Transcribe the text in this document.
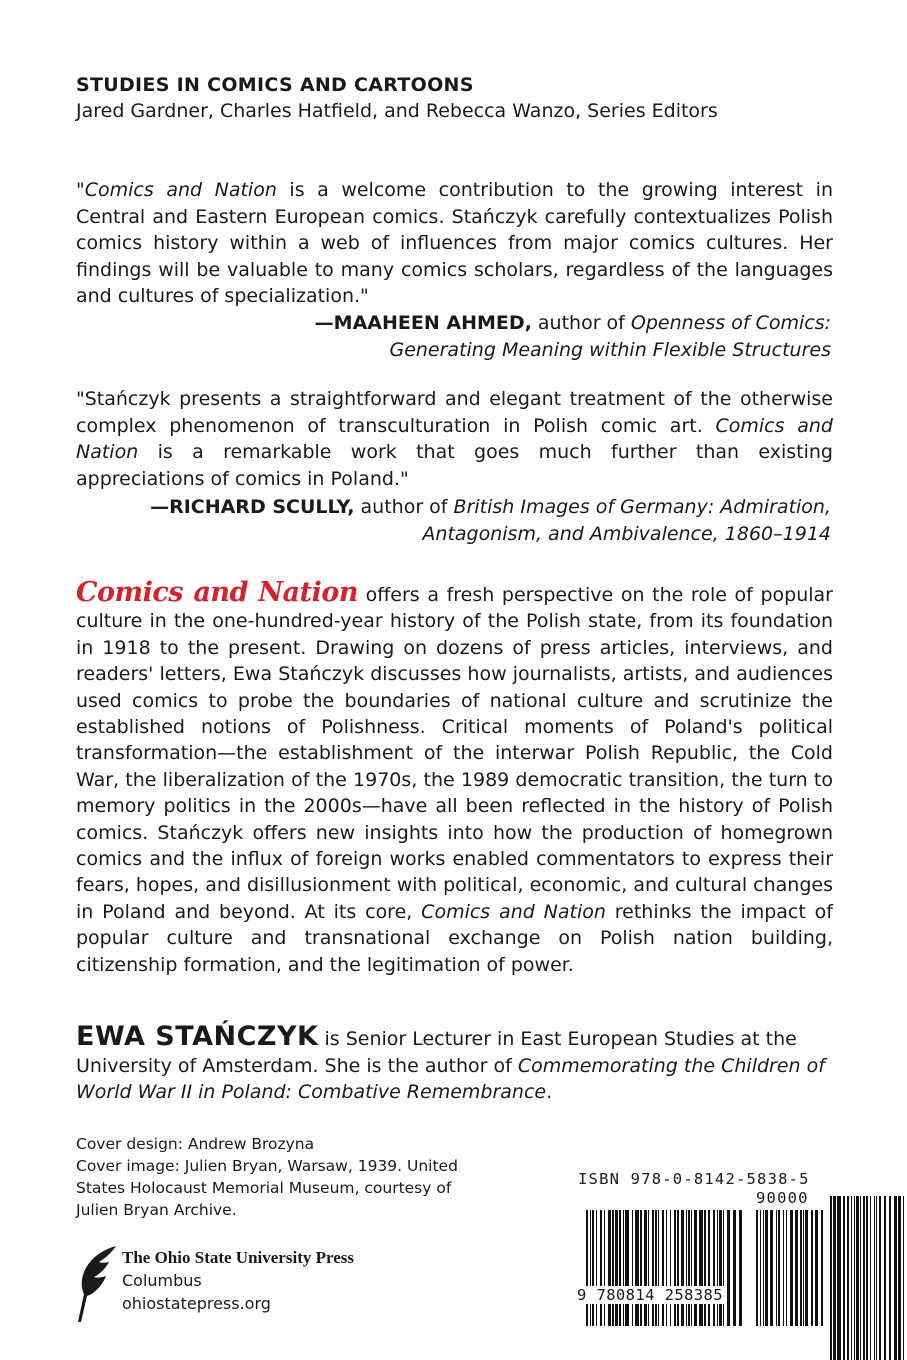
STUDIES IN COMICS AND CARTOONS
Jared Gardner, Charles Hatfield, and Rebecca Wanzo, Series Editors
"Comics and Nation is a welcome contribution to the growing interest in Central and Eastern European comics. Stańczyk carefully contextualizes Polish comics history within a web of influences from major comics cultures. Her findings will be valuable to many comics scholars, regardless of the languages and cultures of specialization."
—MAAHEEN AHMED, author of Openness of Comics:
Generating Meaning within Flexible Structures
"Stańczyk presents a straightforward and elegant treatment of the otherwise complex phenomenon of transculturation in Polish comic art. Comics and Nation is a remarkable work that goes much further than existing appreciations of comics in Poland."
—RICHARD SCULLY, author of British Images of Germany: Admiration,
Antagonism, and Ambivalence, 1860–1914
Comics and Nation offers a fresh perspective on the role of popular culture in the one-hundred-year history of the Polish state, from its foundation in 1918 to the present. Drawing on dozens of press articles, interviews, and readers' letters, Ewa Stańczyk discusses how journalists, artists, and audiences used comics to probe the boundaries of national culture and scrutinize the established notions of Polishness. Critical moments of Poland's political transformation—the establishment of the interwar Polish Republic, the Cold War, the liberalization of the 1970s, the 1989 democratic transition, the turn to memory politics in the 2000s—have all been reflected in the history of Polish comics. Stańczyk offers new insights into how the production of homegrown comics and the influx of foreign works enabled commentators to express their fears, hopes, and disillusionment with political, economic, and cultural changes in Poland and beyond. At its core, Comics and Nation rethinks the impact of popular culture and transnational exchange on Polish nation building, citizenship formation, and the legitimation of power.
EWA STAŃCZYK is Senior Lecturer in East European Studies at the University of Amsterdam. She is the author of Commemorating the Children of World War II in Poland: Combative Remembrance.
Cover design: Andrew Brozyna
Cover image: Julien Bryan, Warsaw, 1939. United States Holocaust Memorial Museum, courtesy of Julien Bryan Archive.
The Ohio State University Press
Columbus
ohiostatepress.org
ISBN 978-0-8142-5838-5
90000
9 780814 258385
